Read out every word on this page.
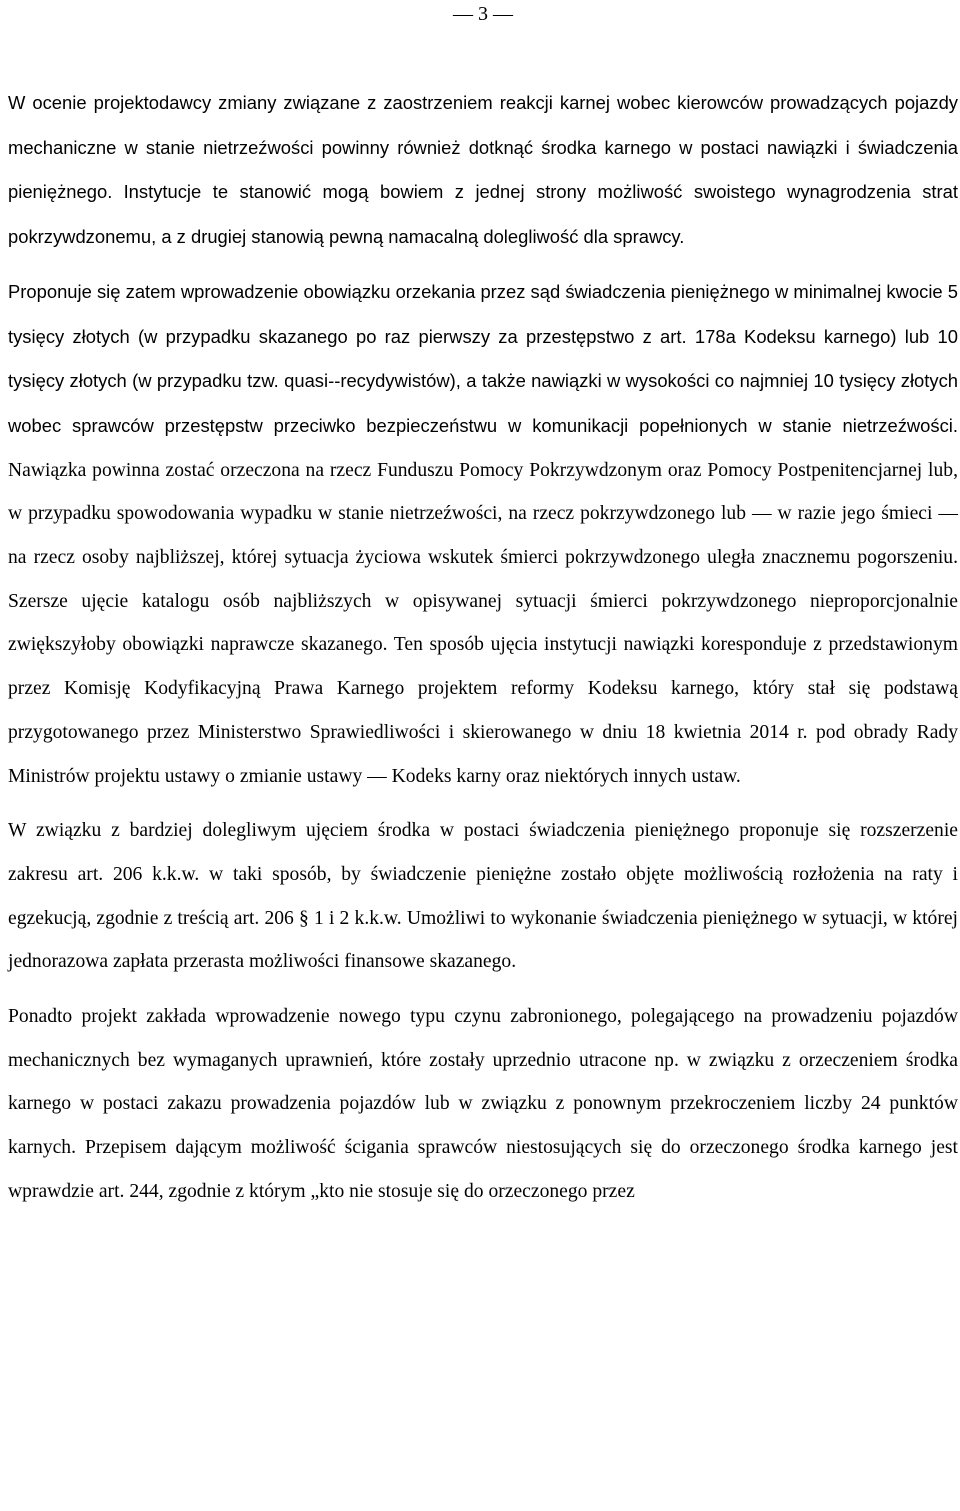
— 3 —

W ocenie projektodawcy zmiany związane z zaostrzeniem reakcji karnej wobec kierowców prowadzących pojazdy mechaniczne w stanie nietrzeźwości powinny również dotknąć środka karnego w postaci nawiązki i świadczenia pieniężnego. Instytucje te stanowić mogą bowiem z jednej strony możliwość swoistego wynagrodzenia strat pokrzywdzonemu, a z drugiej stanowią pewną namacalną dolegliwość dla sprawcy.

Proponuje się zatem wprowadzenie obowiązku orzekania przez sąd świadczenia pieniężnego w minimalnej kwocie 5 tysięcy złotych (w przypadku skazanego po raz pierwszy za przestępstwo z art. 178a Kodeksu karnego) lub 10 tysięcy złotych (w przypadku tzw. quasi--recydywistów), a także nawiązki w wysokości co najmniej 10 tysięcy złotych wobec sprawców przestępstw przeciwko bezpieczeństwu w komunikacji popełnionych w stanie nietrzeźwości. Nawiązka powinna zostać orzeczona na rzecz Funduszu Pomocy Pokrzywdzonym oraz Pomocy Postpenitencjarnej lub, w przypadku spowodowania wypadku w stanie nietrzeźwości, na rzecz pokrzywdzonego lub — w razie jego śmieci — na rzecz osoby najbliższej, której sytuacja życiowa wskutek śmierci pokrzywdzonego uległa znacznemu pogorszeniu. Szersze ujęcie katalogu osób najbliższych w opisywanej sytuacji śmierci pokrzywdzonego nieproporcjonalnie zwiększyłoby obowiązki naprawcze skazanego. Ten sposób ujęcia instytucji nawiązki koresponduje z przedstawionym przez Komisję Kodyfikacyjną Prawa Karnego projektem reformy Kodeksu karnego, który stał się podstawą przygotowanego przez Ministerstwo Sprawiedliwości i skierowanego w dniu 18 kwietnia 2014 r. pod obrady Rady Ministrów projektu ustawy o zmianie ustawy — Kodeks karny oraz niektórych innych ustaw.

W związku z bardziej dolegliwym ujęciem środka w postaci świadczenia pieniężnego proponuje się rozszerzenie zakresu art. 206 k.k.w. w taki sposób, by świadczenie pieniężne zostało objęte możliwością rozłożenia na raty i egzekucją, zgodnie z treścią art. 206 § 1 i 2 k.k.w. Umożliwi to wykonanie świadczenia pieniężnego w sytuacji, w której jednorazowa zapłata przerasta możliwości finansowe skazanego.

Ponadto projekt zakłada wprowadzenie nowego typu czynu zabronionego, polegającego na prowadzeniu pojazdów mechanicznych bez wymaganych uprawnień, które zostały uprzednio utracone np. w związku z orzeczeniem środka karnego w postaci zakazu prowadzenia pojazdów lub w związku z ponownym przekroczeniem liczby 24 punktów karnych. Przepisem dającym możliwość ścigania sprawców niestosujących się do orzeczonego środka karnego jest wprawdzie art. 244, zgodnie z którym „kto nie stosuje się do orzeczonego przez
